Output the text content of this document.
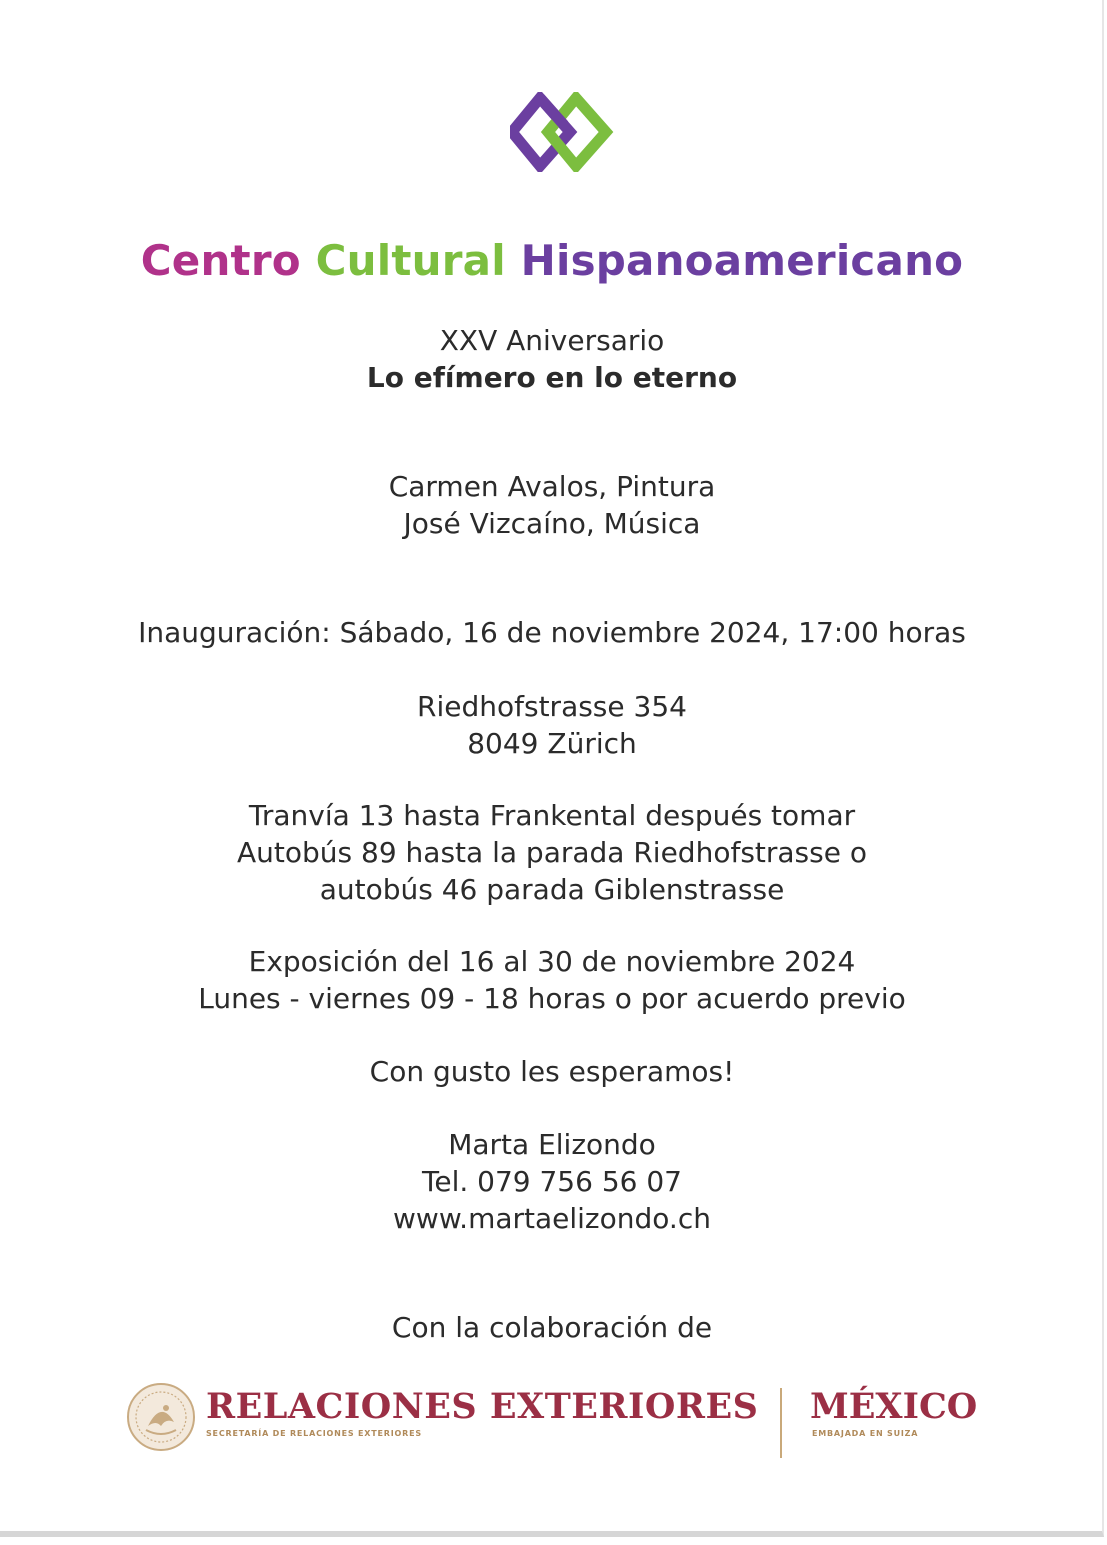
Centro Cultural Hispanoamericano
XXV Aniversario
Lo efímero en lo eterno
Carmen Avalos, Pintura
José Vizcaíno, Música
Inauguración: Sábado, 16 de noviembre 2024, 17:00 horas
Riedhofstrasse 354
8049 Zürich
Tranvía 13 hasta Frankental después tomar
Autobús 89 hasta la parada Riedhofstrasse o
autobús 46 parada Giblenstrasse
Exposición del 16 al 30 de noviembre 2024
Lunes - viernes 09 - 18 horas o por acuerdo previo
Con gusto les esperamos!
Marta Elizondo
Tel. 079 756 56 07
www.martaelizondo.ch
Con la colaboración de
RELACIONES EXTERIORES
SECRETARÍA DE RELACIONES EXTERIORES
MÉXICO
EMBAJADA EN SUIZA
